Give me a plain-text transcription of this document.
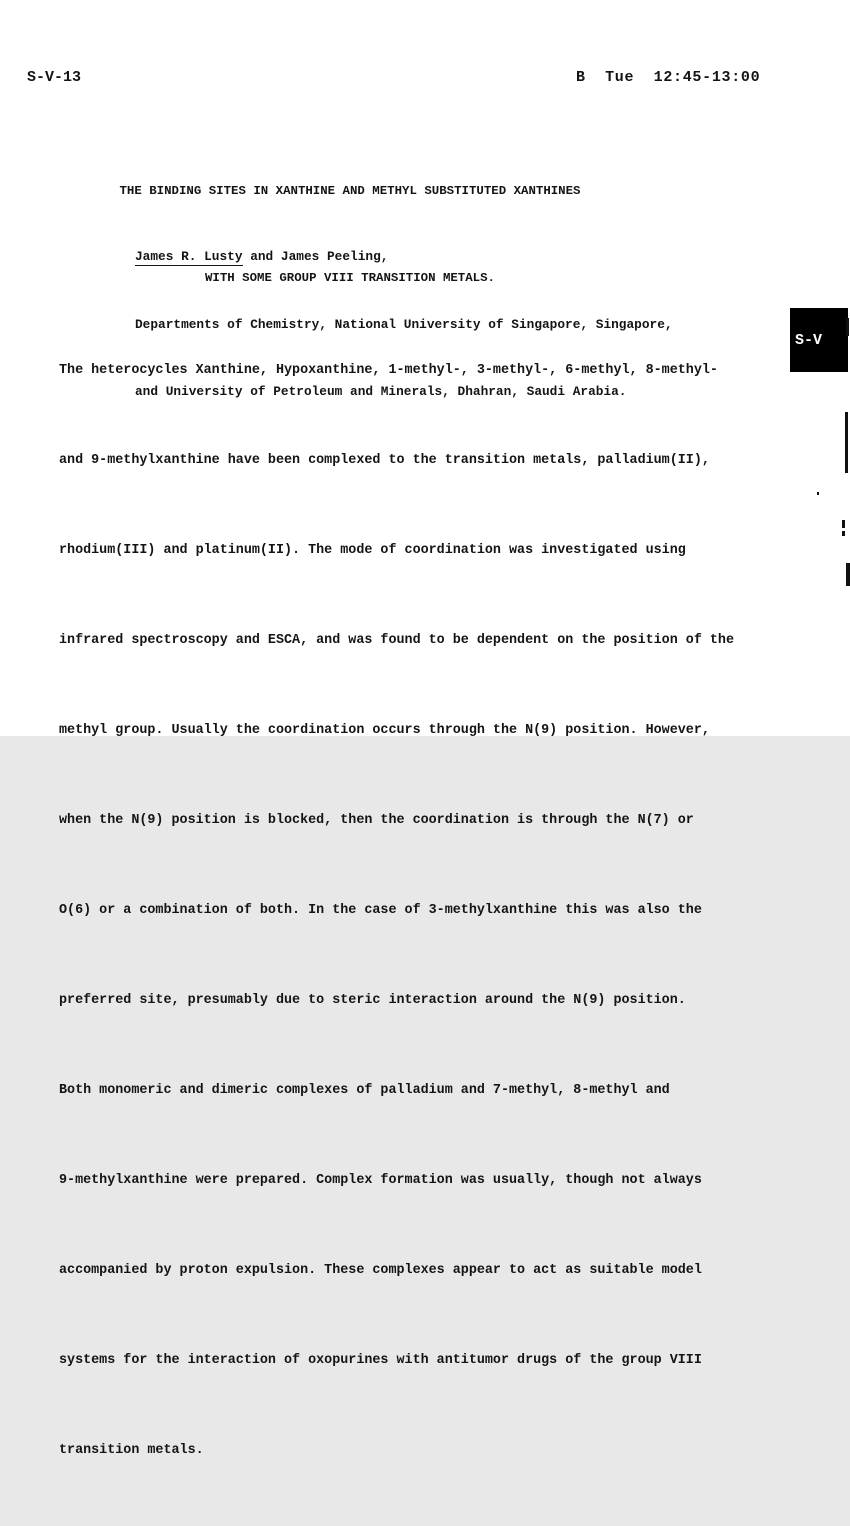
S-V-13	B  Tue  12:45-13:00

THE BINDING SITES IN XANTHINE AND METHYL SUBSTITUTED XANTHINES

WITH SOME GROUP VIII TRANSITION METALS.

James R. Lusty and James Peeling,

Departments of Chemistry, National University of Singapore, Singapore,

and University of Petroleum and Minerals, Dhahran, Saudi Arabia.

The heterocycles Xanthine, Hypoxanthine, 1-methyl-, 3-methyl-, 6-methyl, 8-methyl-

and 9-methylxanthine have been complexed to the transition metals, palladium(II),

rhodium(III) and platinum(II). The mode of coordination was investigated using

infrared spectroscopy and ESCA, and was found to be dependent on the position of the

methyl group. Usually the coordination occurs through the N(9) position. However,

when the N(9) position is blocked, then the coordination is through the N(7) or

O(6) or a combination of both. In the case of 3-methylxanthine this was also the

preferred site, presumably due to steric interaction around the N(9) position.

Both monomeric and dimeric complexes of palladium and 7-methyl, 8-methyl and

9-methylxanthine were prepared. Complex formation was usually, though not always

accompanied by proton expulsion. These complexes appear to act as suitable model

systems for the interaction of oxopurines with antitumor drugs of the group VIII

transition metals.

S-V
